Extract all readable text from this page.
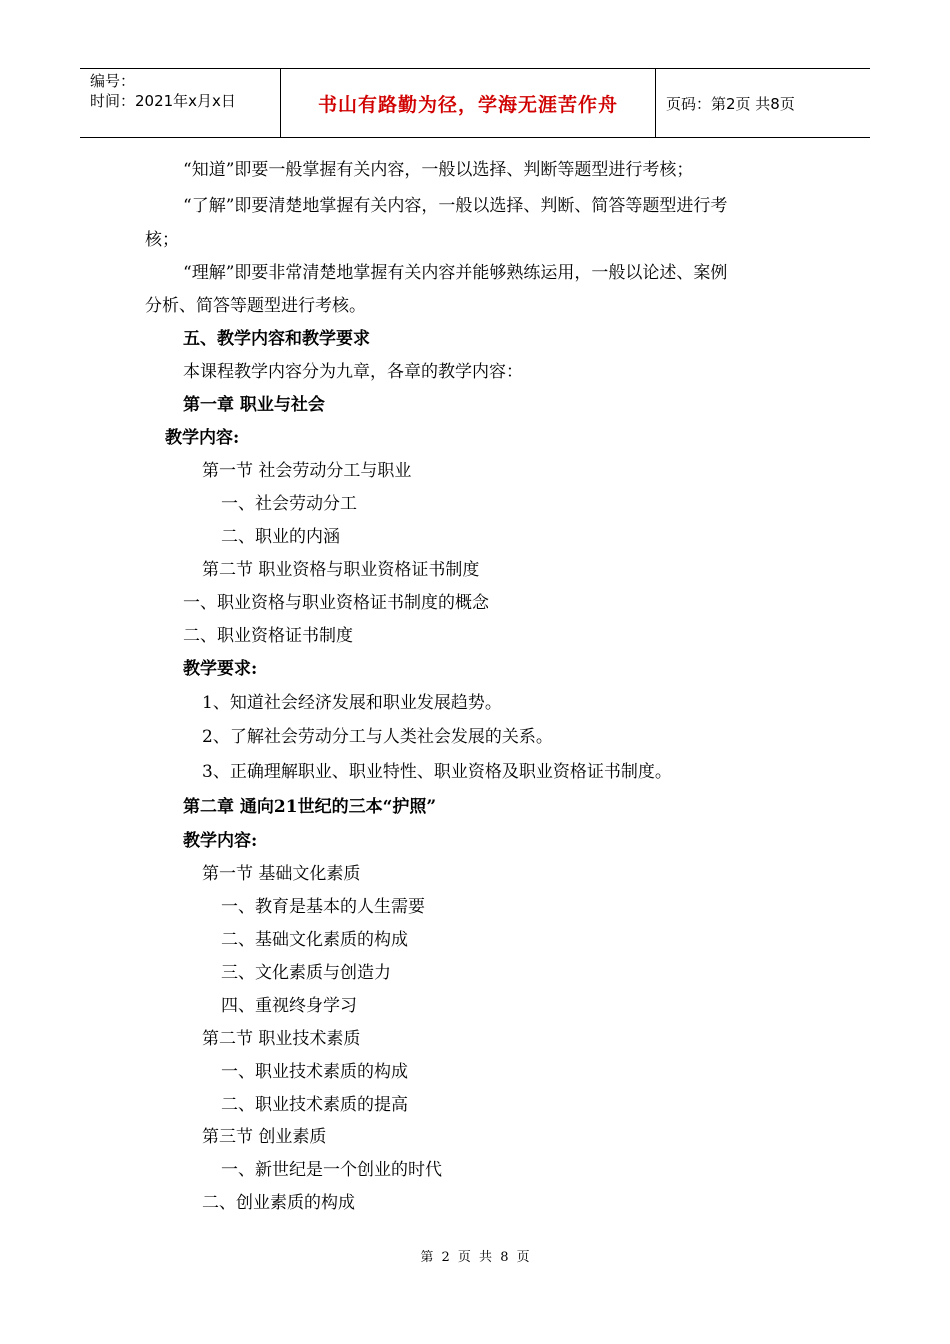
编号：
时间：2021年x月x日	书山有路勤为径，学海无涯苦作舟	页码：第2页 共8页
“知道”即要一般掌握有关内容，一般以选择、判断等题型进行考核；
“了解”即要清楚地掌握有关内容，一般以选择、判断、简答等题型进行考
核；
“理解”即要非常清楚地掌握有关内容并能够熟练运用，一般以论述、案例
分析、简答等题型进行考核。
五、教学内容和教学要求
本课程教学内容分为九章，各章的教学内容：
第一章 职业与社会
教学内容:
第一节 社会劳动分工与职业
一、社会劳动分工
二、职业的内涵
第二节 职业资格与职业资格证书制度
一、职业资格与职业资格证书制度的概念
二、职业资格证书制度
教学要求:
1、知道社会经济发展和职业发展趋势。
2、了解社会劳动分工与人类社会发展的关系。
3、正确理解职业、职业特性、职业资格及职业资格证书制度。
第二章 通向21世纪的三本“护照”
教学内容:
第一节 基础文化素质
一、教育是基本的人生需要
二、基础文化素质的构成
三、文化素质与创造力
四、重视终身学习
第二节 职业技术素质
一、职业技术素质的构成
二、职业技术素质的提高
第三节 创业素质
一、新世纪是一个创业的时代
二、创业素质的构成
第 2 页 共 8 页
